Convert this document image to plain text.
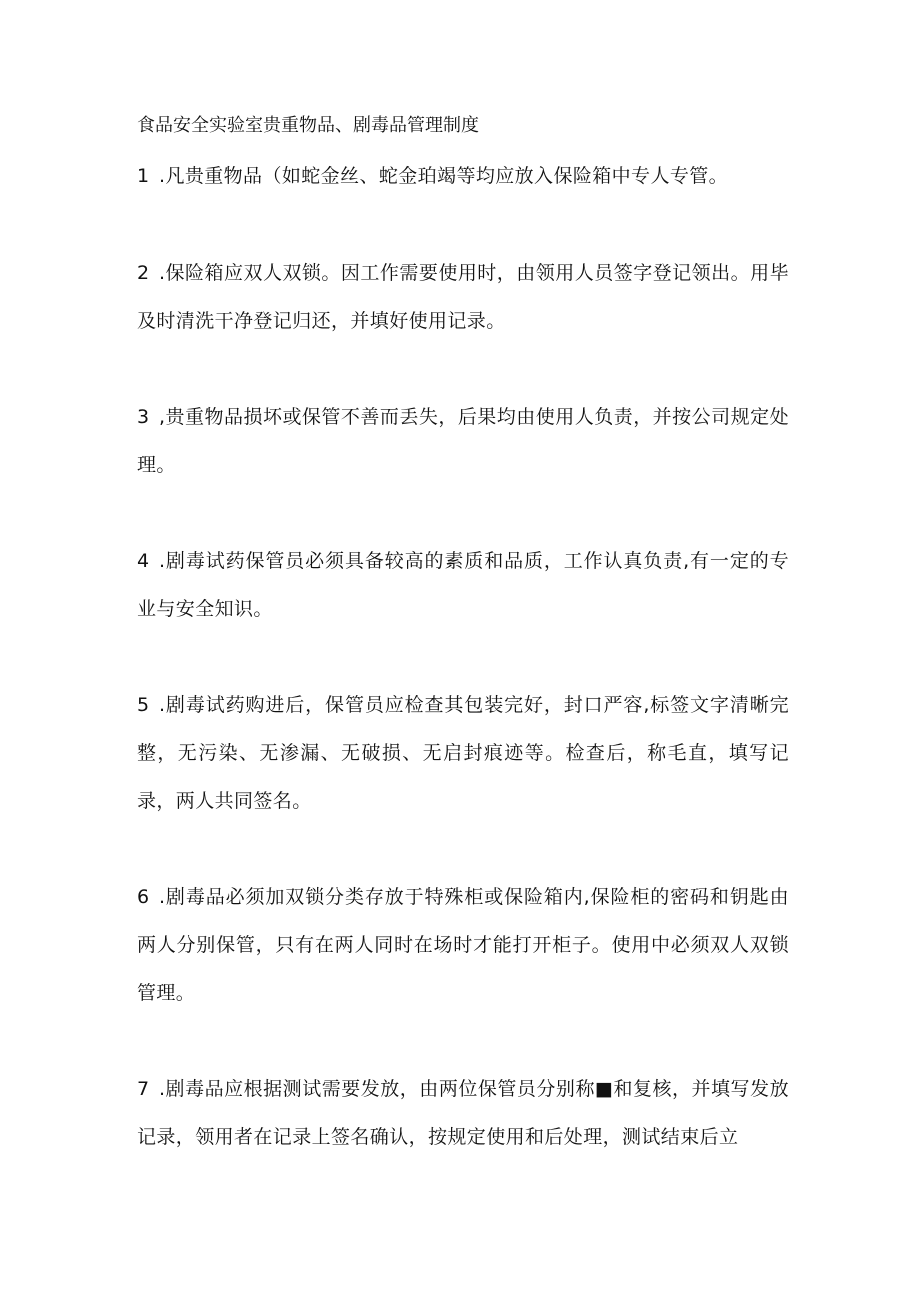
食品安全实验室贵重物品、剧毒品管理制度

1 .凡贵重物品（如蛇金丝、蛇金珀竭等均应放入保险箱中专人专管。

2 .保险箱应双人双锁。因工作需要使用时，由领用人员签字登记领出。用毕及时清洗干净登记归还，并填好使用记录。

3 ,贵重物品损坏或保管不善而丢失，后果均由使用人负责，并按公司规定处理。

4 .剧毒试药保管员必须具备较高的素质和品质，工作认真负责,有一定的专业与安全知识。

5 .剧毒试药购进后，保管员应检查其包装完好，封口严容,标签文字清晰完整，无污染、无渗漏、无破损、无启封痕迹等。检查后，称毛直，填写记录，两人共同签名。

6 .剧毒品必须加双锁分类存放于特殊柜或保险箱内,保险柜的密码和钥匙由两人分别保管，只有在两人同时在场时才能打开柜子。使用中必须双人双锁管理。

7 .剧毒品应根据测试需要发放，由两位保管员分别称■和复核，并填写发放记录，领用者在记录上签名确认，按规定使用和后处理，测试结束后立
